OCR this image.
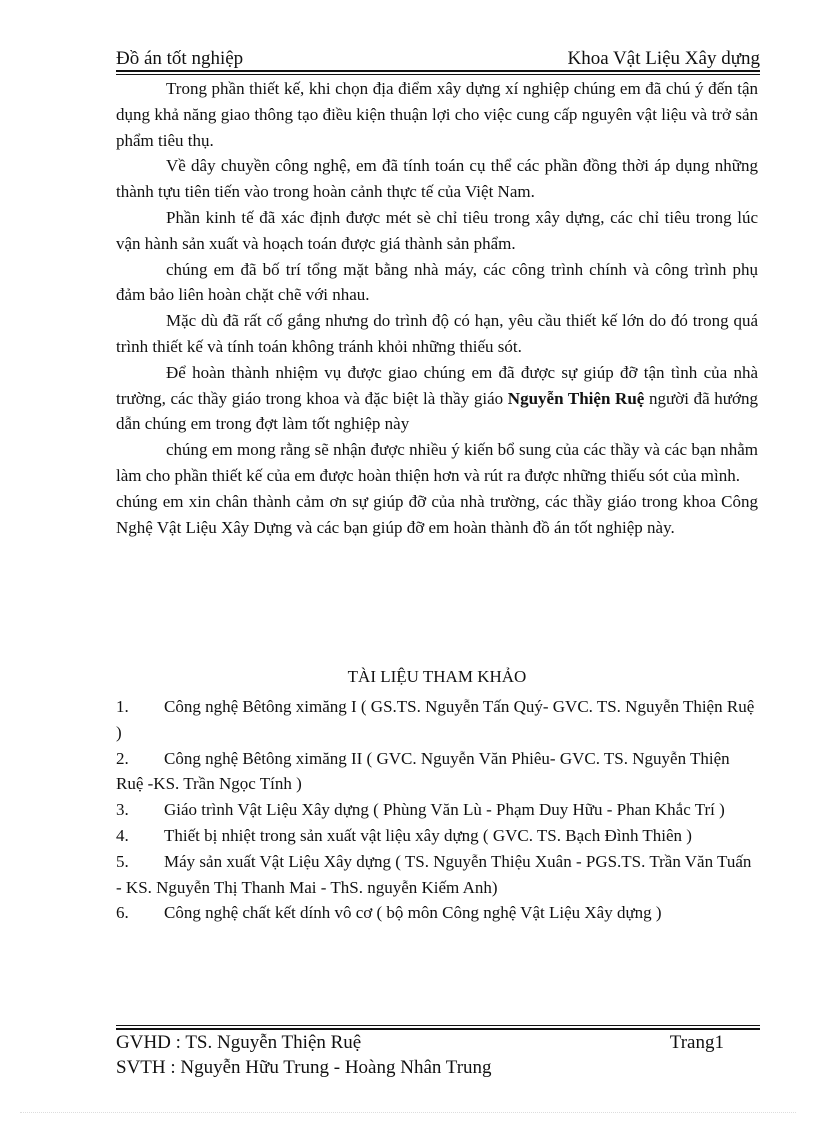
Đồ án tốt nghiệp	Khoa Vật Liệu Xây dựng

Trong phần thiết kế, khi chọn địa điểm xây dựng xí nghiệp chúng em đã chú ý đến tận dụng khả năng giao thông tạo điều kiện thuận lợi cho việc cung cấp nguyên vật liệu và trở sản phẩm tiêu thụ.

Về dây chuyền công nghệ, em đã tính toán cụ thể các phần đồng thời áp dụng những thành tựu tiên tiến vào trong hoàn cảnh thực tế của Việt Nam.

Phần kinh tế đã xác định được mét sè chỉ tiêu trong xây dựng, các chỉ tiêu trong lúc vận hành sản xuất và hoạch toán được giá thành sản phẩm.

chúng em đã bố trí tổng mặt bằng nhà máy, các công trình chính và công trình phụ đảm bảo liên hoàn chặt chẽ với nhau.

Mặc dù đã rất cố gắng nhưng do trình độ có hạn, yêu cầu thiết kế lớn do đó trong quá trình thiết kế và tính toán không tránh khỏi những thiếu sót.

Để hoàn thành nhiệm vụ được giao chúng em đã được sự giúp đỡ tận tình của nhà trường, các thầy giáo trong khoa và đặc biệt là thầy giáo Nguyễn Thiện Ruệ người đã hướng dẫn chúng em trong đợt làm tốt nghiệp này

chúng em mong rằng sẽ nhận được nhiều ý kiến bổ sung của các thầy và các bạn nhằm làm cho phần thiết kế của em được hoàn thiện hơn và rút ra được những thiếu sót của mình.

chúng em xin chân thành cảm ơn sự giúp đỡ của nhà trường, các thầy giáo trong khoa Công Nghệ Vật Liệu Xây Dựng và các bạn giúp đỡ em hoàn thành đồ án tốt nghiệp này.

TÀI LIỆU THAM KHẢO

1. Công nghệ Bêtông ximăng I ( GS.TS. Nguyễn Tấn Quý- GVC. TS. Nguyễn Thiện Ruệ )

2. Công nghệ Bêtông ximăng II ( GVC. Nguyễn Văn Phiêu- GVC. TS. Nguyễn Thiện Ruệ -KS. Trần Ngọc Tính )

3. Giáo trình Vật Liệu Xây dựng ( Phùng Văn Lù - Phạm Duy Hữu - Phan Khắc Trí )

4. Thiết bị nhiệt trong sản xuất vật liệu xây dựng ( GVC. TS. Bạch Đình Thiên )

5. Máy sản xuất Vật Liệu Xây dựng ( TS. Nguyễn Thiệu Xuân - PGS.TS. Trần Văn Tuấn - KS. Nguyễn Thị Thanh Mai - ThS. nguyễn Kiếm Anh)

6. Công nghệ chất kết dính vô cơ ( bộ môn Công nghệ Vật Liệu Xây dựng )

GVHD : TS. Nguyễn Thiện Ruệ	Trang1
SVTH : Nguyễn Hữu Trung - Hoàng Nhân Trung
